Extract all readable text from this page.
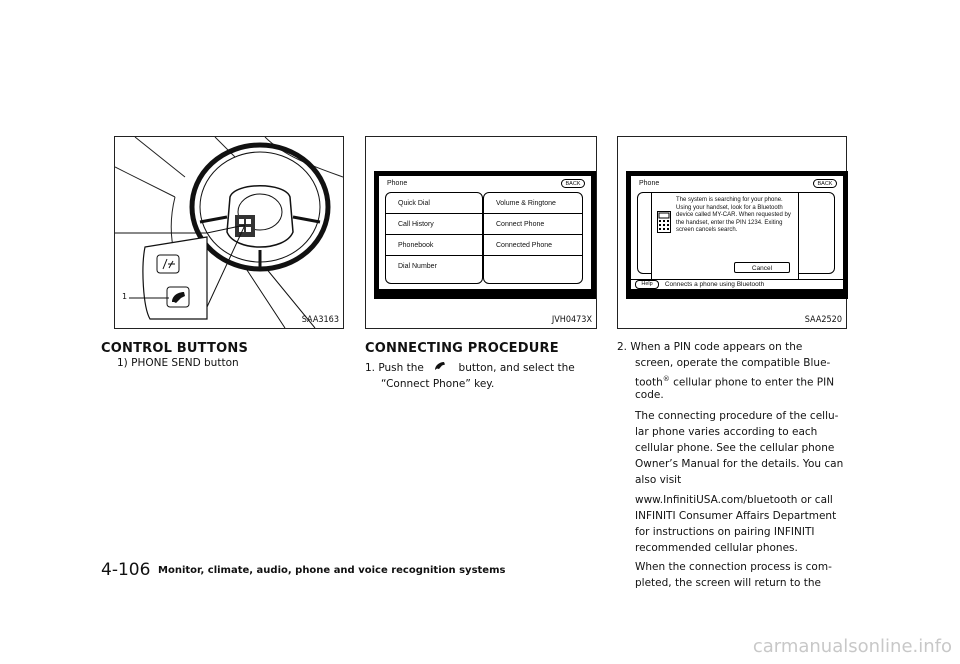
1
SAA3163
Phone	BACK
Quick Dial
Call History
Phonebook
Dial Number
Volume & Ringtone
Connect Phone
Connected Phone
JVH0473X
Phone	BACK
The system is searching for your phone. Using your handset, look for a Bluetooth device called MY-CAR. When requested by the handset, enter the PIN 1234. Exiting screen cancels search.
Cancel
Help Connects a phone using Bluetooth
SAA2520
CONTROL BUTTONS
1) PHONE SEND button
CONNECTING PROCEDURE
1. Push the	button, and select the
“Connect Phone” key.
2. When a PIN code appears on the
screen, operate the compatible Blue-
tooth® cellular phone to enter the PIN
code.
The connecting procedure of the cellu-
lar phone varies according to each
cellular phone. See the cellular phone
Owner’s Manual for the details. You can
also visit
www.InfinitiUSA.com/bluetooth or call
INFINITI Consumer Affairs Department
for instructions on pairing INFINITI
recommended cellular phones.
When the connection process is com-
pleted, the screen will return to the
4-106 Monitor, climate, audio, phone and voice recognition systems
carmanualsonline.info
